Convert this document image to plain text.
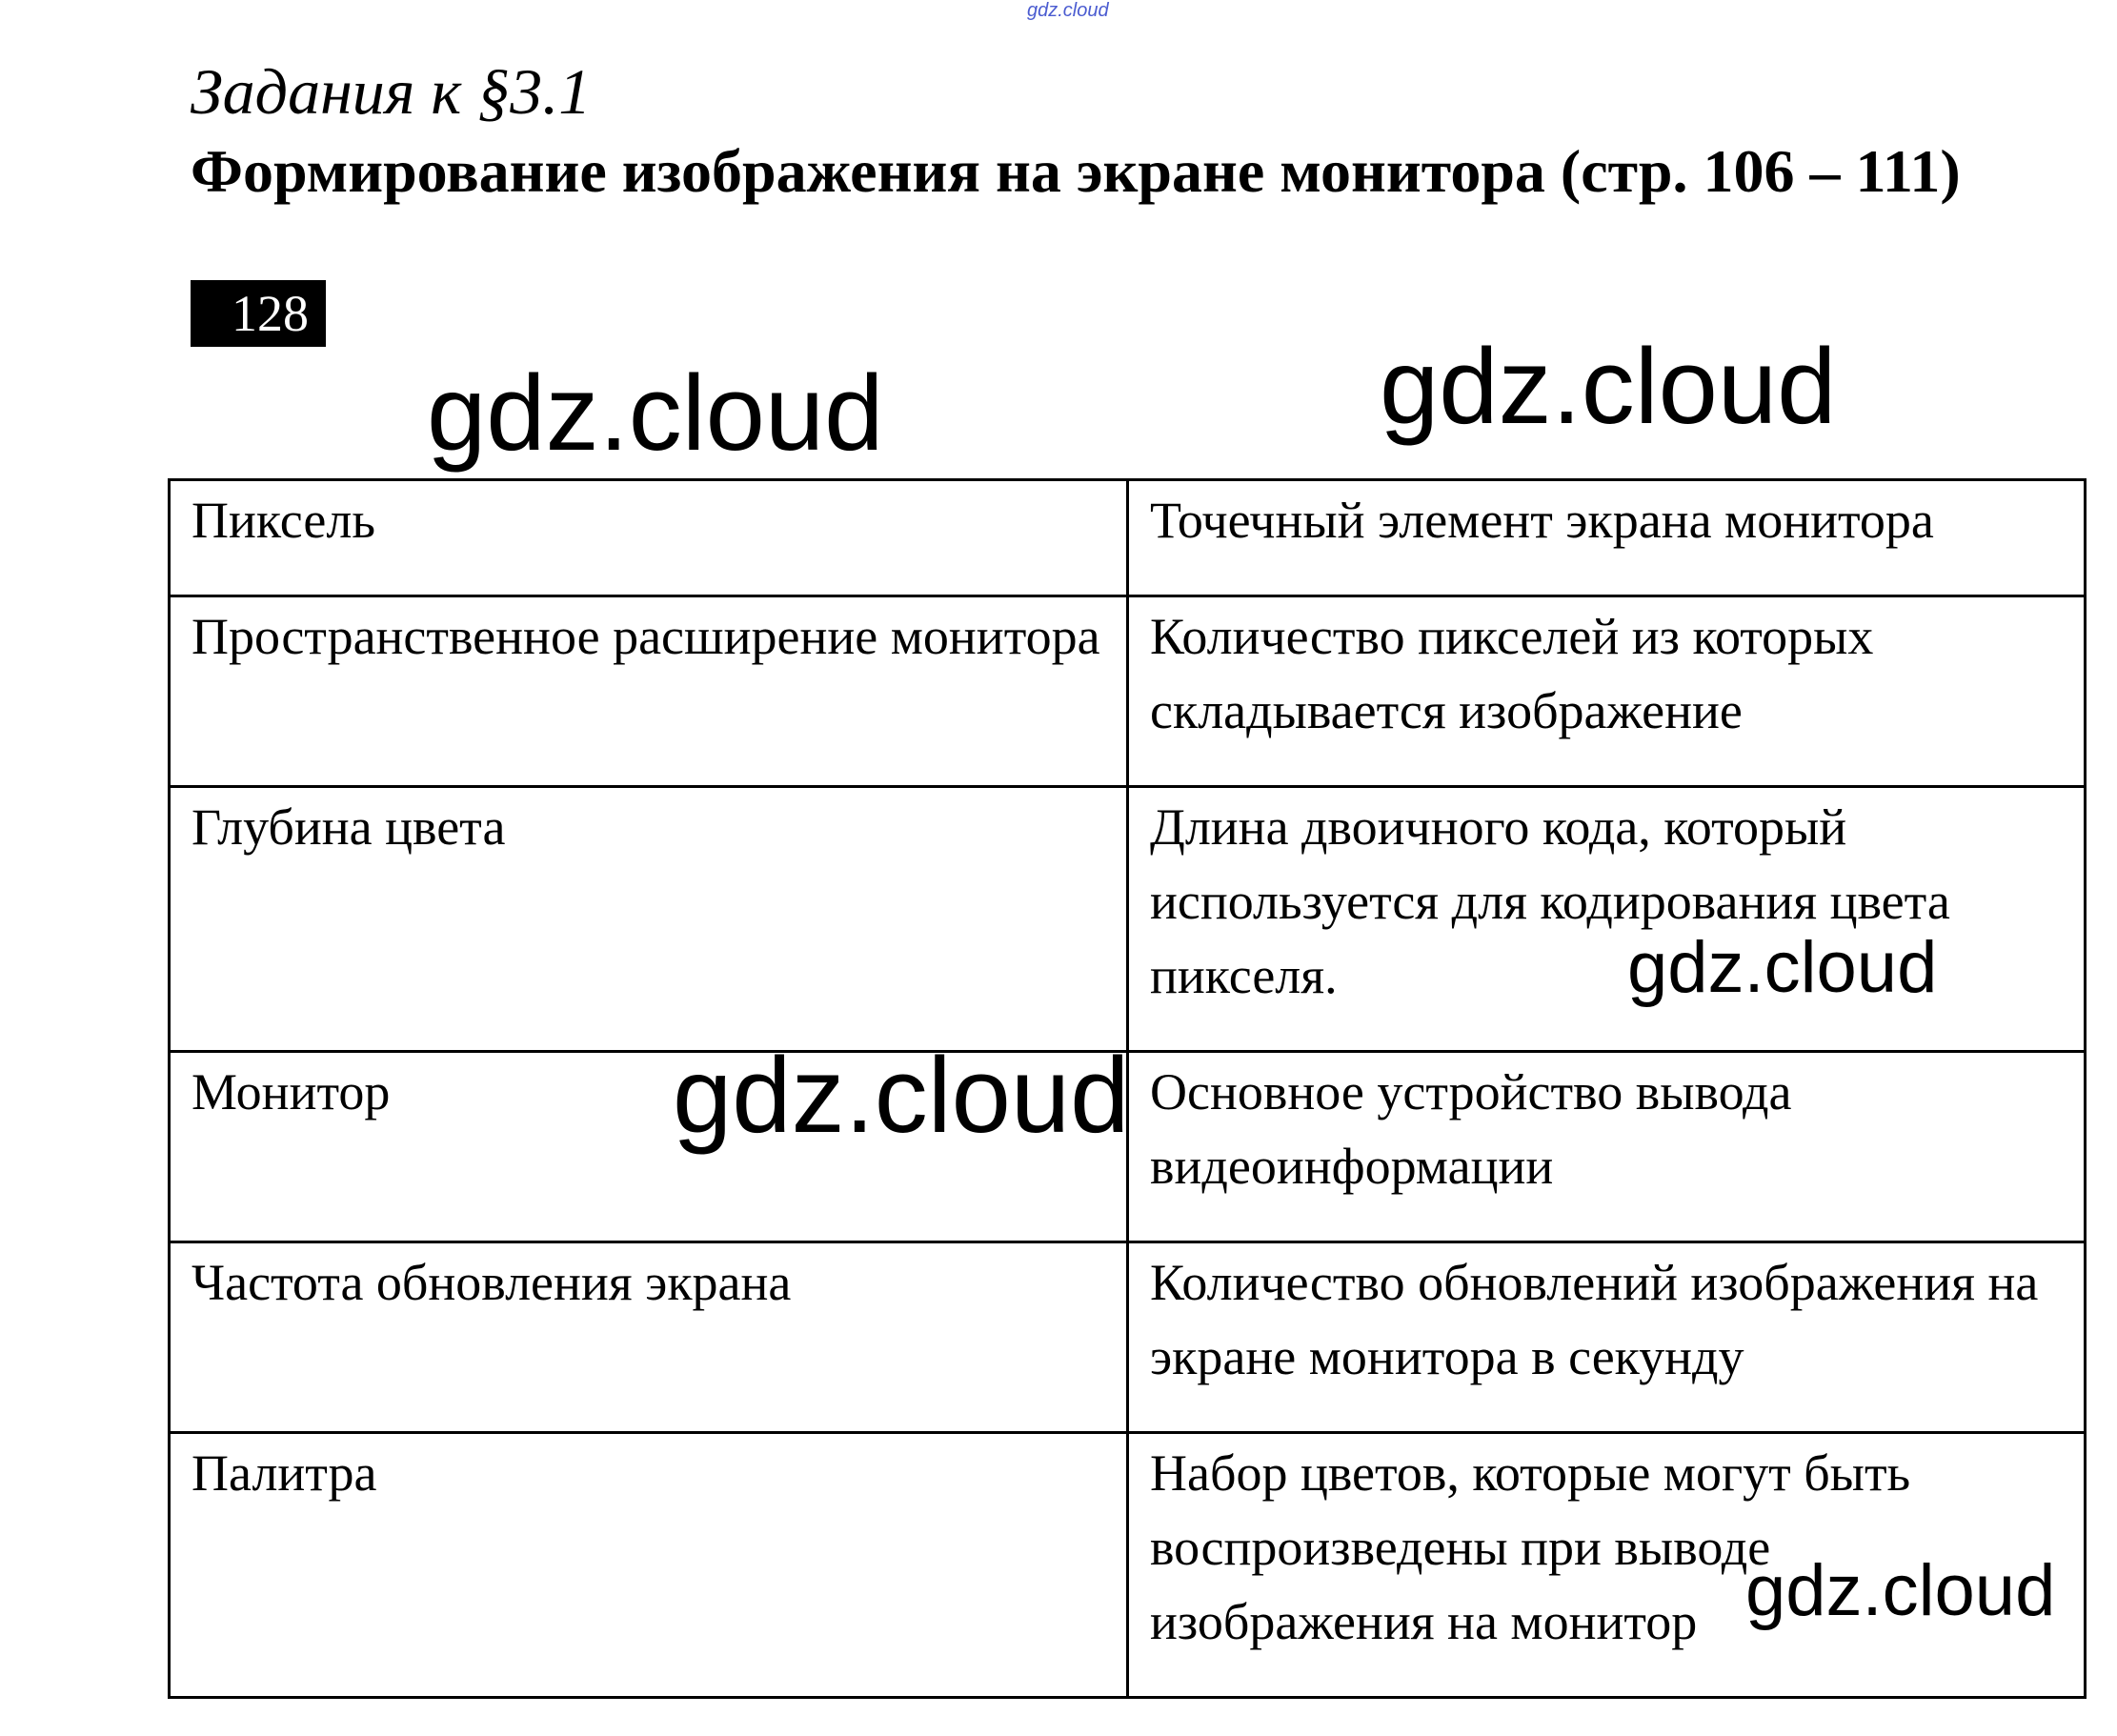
gdz.cloud
Задания к §3.1
Формирование изображения на экране монитора (стр. 106 – 111)
128
Пиксель	Точечный элемент экрана монитора

Пространственное расширение монитора	Количество пикселей из которых складывается изображение

Глубина цвета	Длина двоичного кода, который используется для кодирования цвета пикселя.

Монитор	Основное устройство вывода видеоинформации

Частота обновления экрана	Количество обновлений изображения на экране монитора в секунду

Палитра	Набор цветов, которые могут быть воспроизведены при выводе изображения на монитор
gdz.cloud	gdz.cloud
gdz.cloud
gdz.cloud
gdz.cloud
